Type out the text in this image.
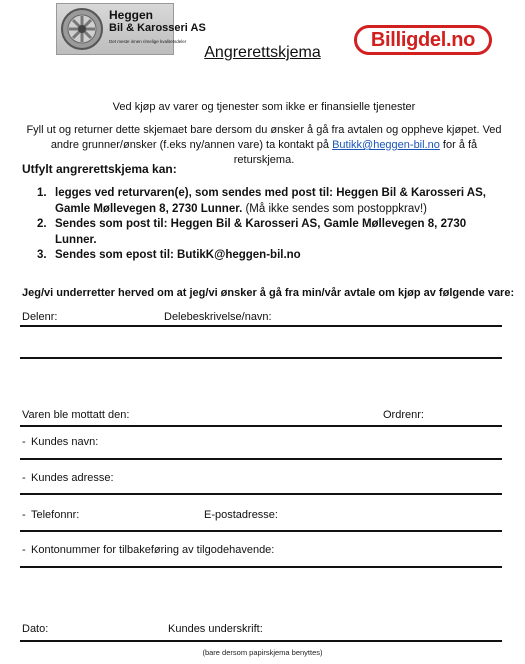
Heggen
Bil & Karosseri AS
Det meste innen rimelige kvalitetsdeler	Billigdel.no
Angrerettskjema
Ved kjøp av varer og tjenester som ikke er finansielle tjenester
Fyll ut og returner dette skjemaet bare dersom du ønsker å gå fra avtalen og oppheve kjøpet. Ved andre grunner/ønsker (f.eks ny/annen vare) ta kontakt på Butikk@heggen-bil.no for å få returskjema.
Utfylt angrerettskjema kan:
1. legges ved returvaren(e), som sendes med post til: Heggen Bil & Karosseri AS, Gamle Møllevegen 8, 2730 Lunner. (Må ikke sendes som postoppkrav!)
2. Sendes som post til: Heggen Bil & Karosseri AS, Gamle Møllevegen 8, 2730 Lunner.
3. Sendes som epost til: ButikK@heggen-bil.no
Jeg/vi underretter herved om at jeg/vi ønsker å gå fra min/vår avtale om kjøp av følgende vare:
Delenr:	Delebeskrivelse/navn:
Varen ble mottatt den:	Ordrenr:
- Kundes navn:
- Kundes adresse:
- Telefonnr:	E-postadresse:
- Kontonummer for tilbakeføring av tilgodehavende:
Dato:	Kundes underskrift:
(bare dersom papirskjema benyttes)
